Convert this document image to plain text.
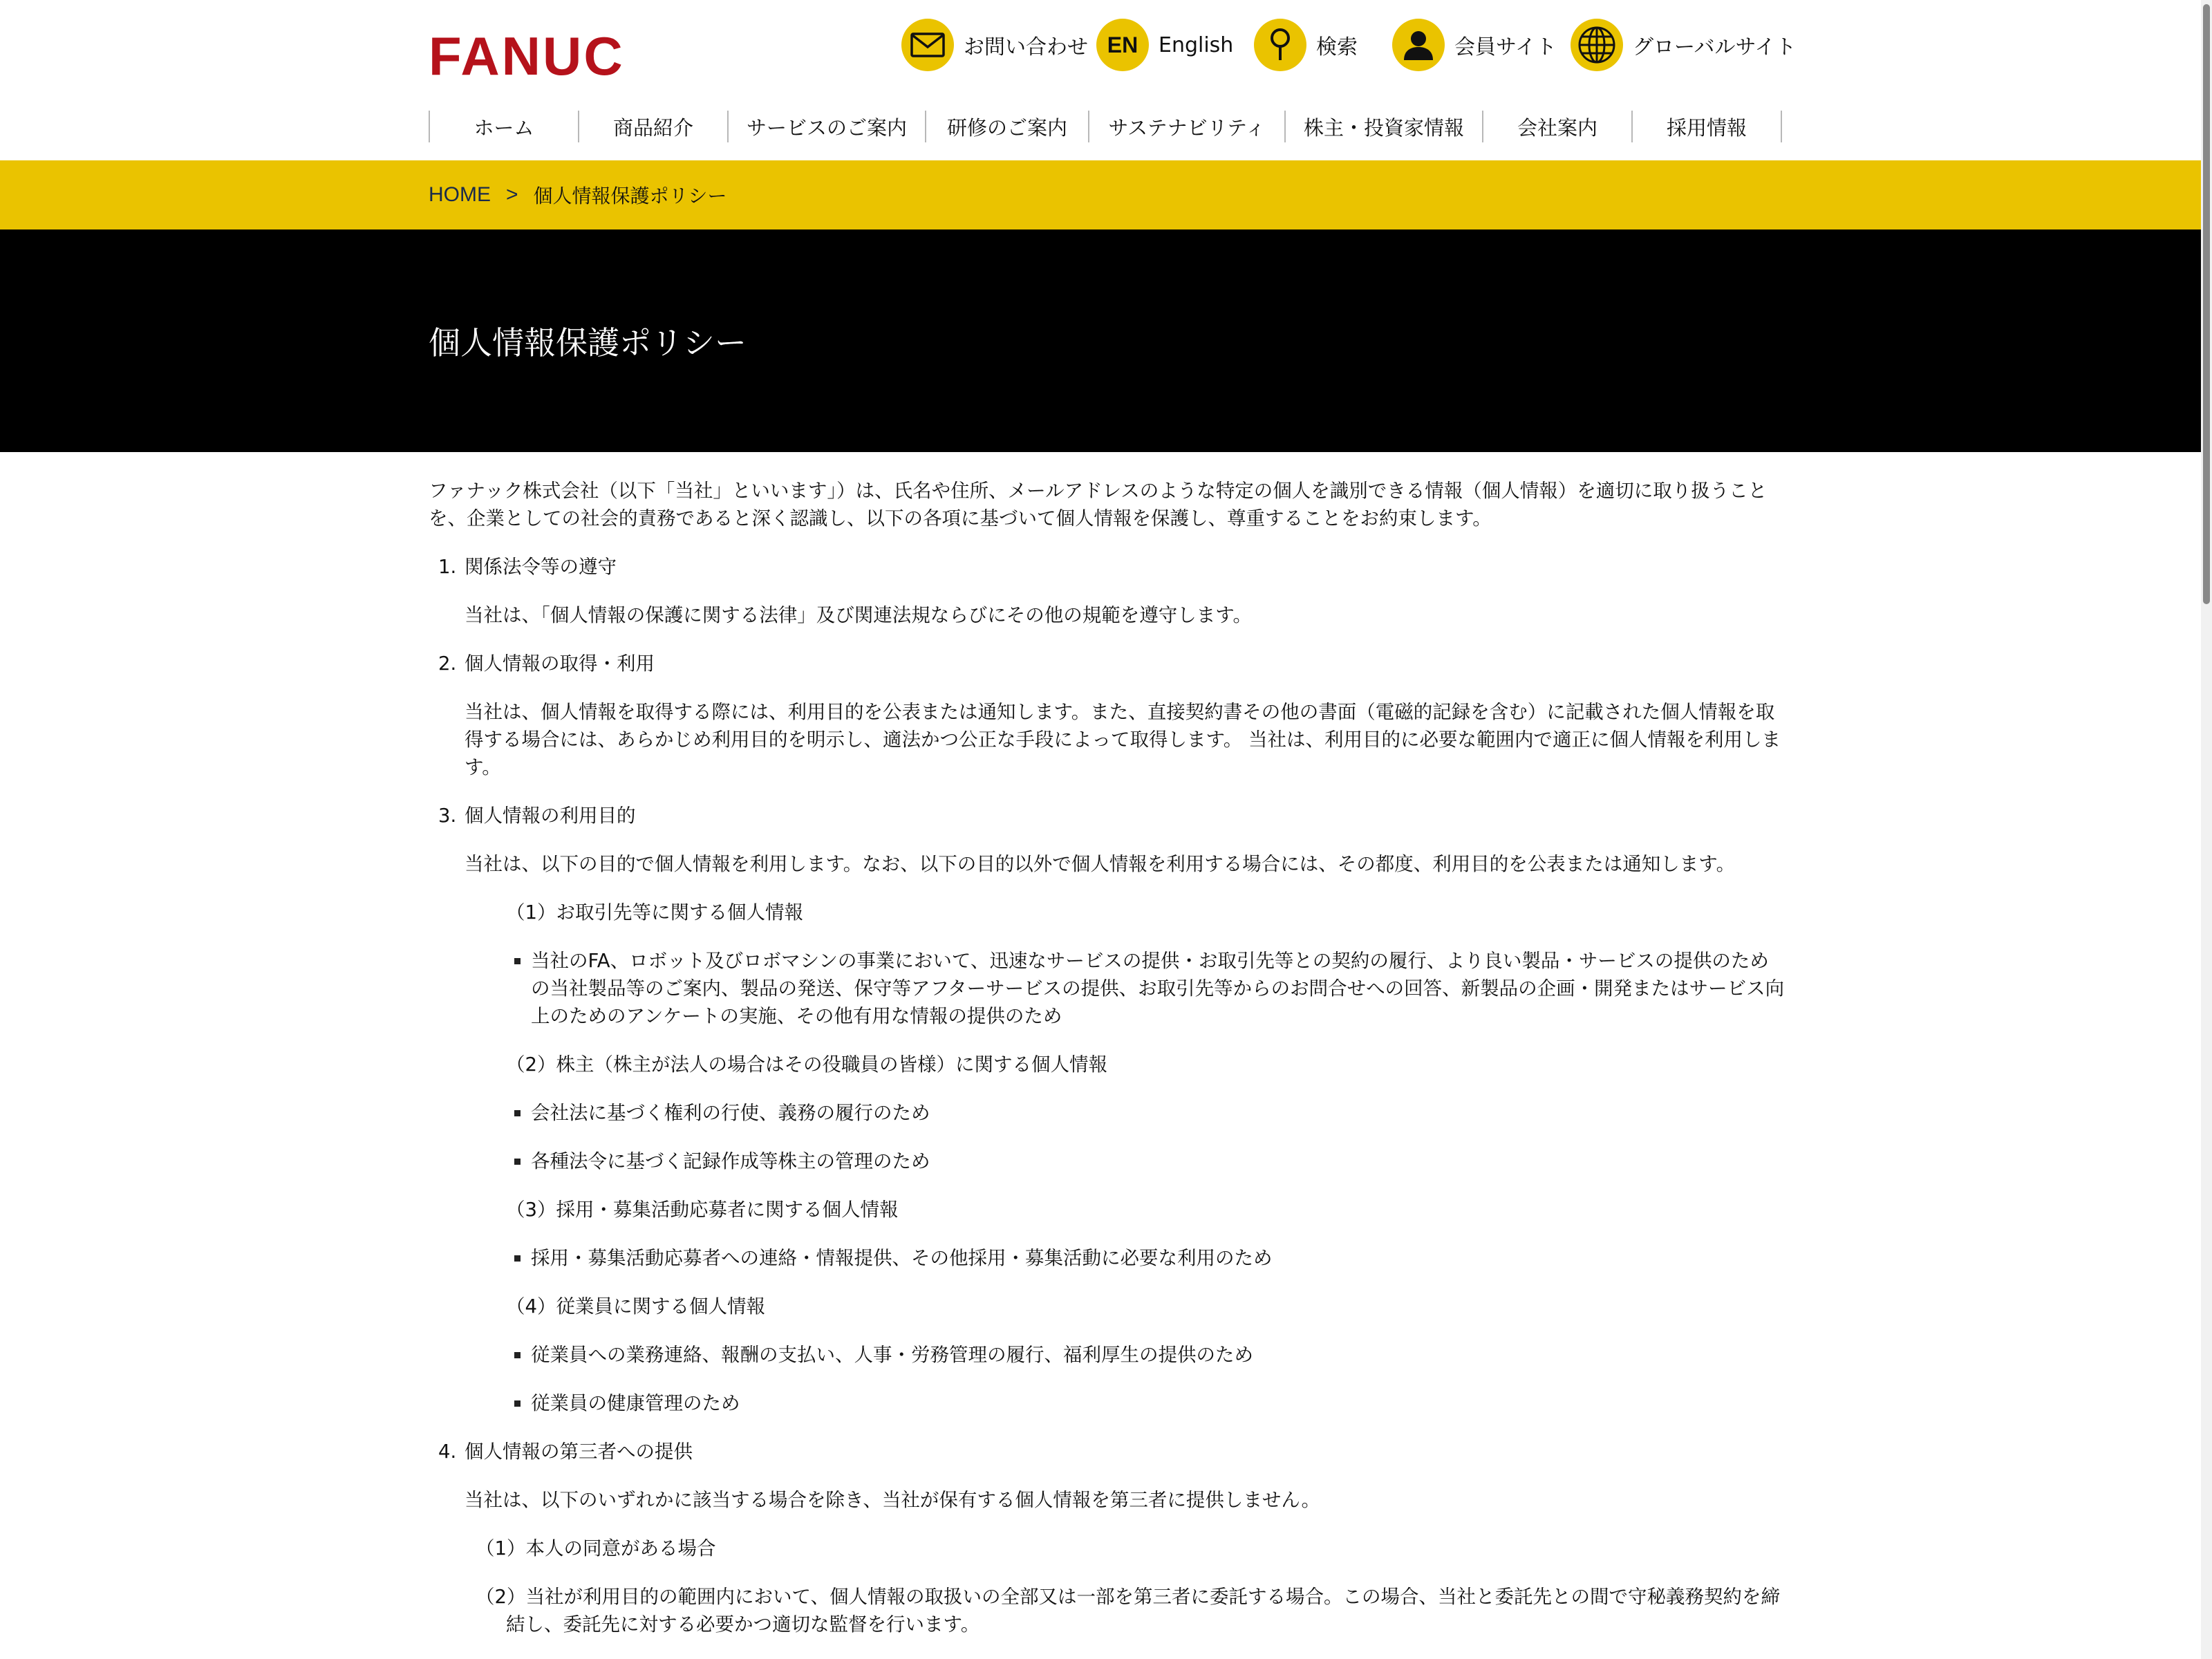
FANUC	お問い合わせ EN English	検索	会員サイト	グローバルサイト
ホーム	商品紹介	サービスのご案内	研修のご案内	サステナビリティ	株主・投資家情報	会社案内	採用情報
HOME > 個人情報保護ポリシー
個人情報保護ポリシー

ファナック株式会社（以下「当社」といいます」）は、氏名や住所、メールアドレスのような特定の個人を識別できる情報（個人情報）を適切に取り扱うことを、企業としての社会的責務であると深く認識し、以下の各項に基づいて個人情報を保護し、尊重することをお約束します。

1. 関係法令等の遵守

当社は、「個人情報の保護に関する法律」及び関連法規ならびにその他の規範を遵守します。

2. 個人情報の取得・利用

当社は、個人情報を取得する際には、利用目的を公表または通知します。また、直接契約書その他の書面（電磁的記録を含む）に記載された個人情報を取得する場合には、あらかじめ利用目的を明示し、適法かつ公正な手段によって取得します。 当社は、利用目的に必要な範囲内で適正に個人情報を利用します。

3. 個人情報の利用目的

当社は、以下の目的で個人情報を利用します。なお、以下の目的以外で個人情報を利用する場合には、その都度、利用目的を公表または通知します。

（1）お取引先等に関する個人情報

当社のFA、ロボット及びロボマシンの事業において、迅速なサービスの提供・お取引先等との契約の履行、より良い製品・サービスの提供のための当社製品等のご案内、製品の発送、保守等アフターサービスの提供、お取引先等からのお問合せへの回答、新製品の企画・開発またはサービス向上のためのアンケートの実施、その他有用な情報の提供のため

（2）株主（株主が法人の場合はその役職員の皆様）に関する個人情報

会社法に基づく権利の行使、義務の履行のため
各種法令に基づく記録作成等株主の管理のため

（3）採用・募集活動応募者に関する個人情報

採用・募集活動応募者への連絡・情報提供、その他採用・募集活動に必要な利用のため

（4）従業員に関する個人情報

従業員への業務連絡、報酬の支払い、人事・労務管理の履行、福利厚生の提供のため
従業員の健康管理のため
4. 個人情報の第三者への提供

当社は、以下のいずれかに該当する場合を除き、当社が保有する個人情報を第三者に提供しません。

（1）本人の同意がある場合

（2）当社が利用目的の範囲内において、個人情報の取扱いの全部又は一部を第三者に委託する場合。この場合、当社と委託先との間で守秘義務契約を締結し、委託先に対する必要かつ適切な監督を行います。
